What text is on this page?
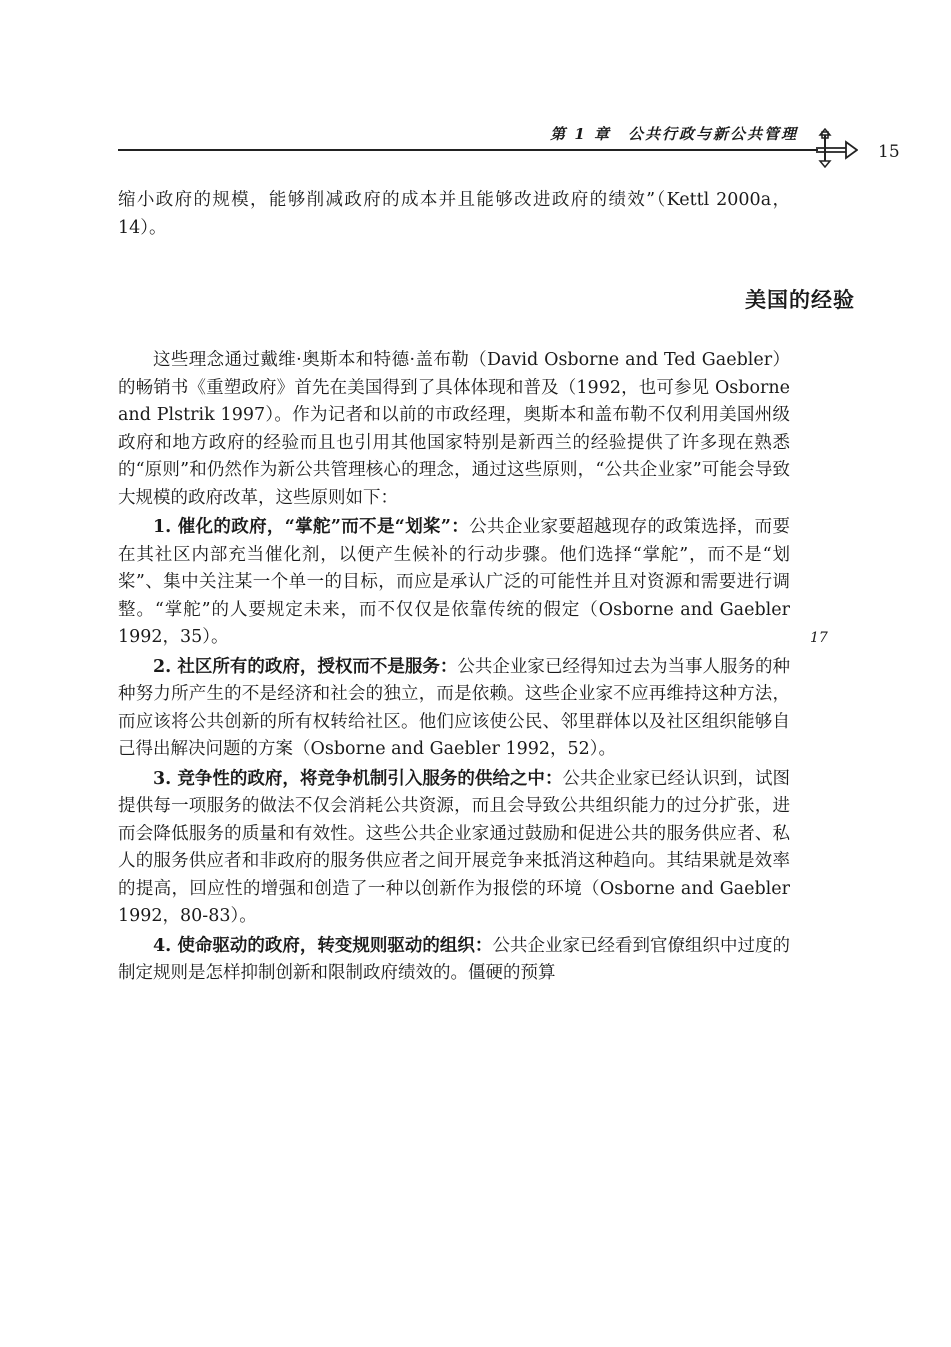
第 1 章　公共行政与新公共管理
15
17
缩小政府的规模，能够削减政府的成本并且能够改进政府的绩效”（Kettl 2000a，14）。
美国的经验

这些理念通过戴维·奥斯本和特德·盖布勒（David Osborne and Ted Gaebler）的畅销书《重塑政府》首先在美国得到了具体体现和普及（1992，也可参见 Osborne and Plstrik 1997）。作为记者和以前的市政经理，奥斯本和盖布勒不仅利用美国州级政府和地方政府的经验而且也引用其他国家特别是新西兰的经验提供了许多现在熟悉的“原则”和仍然作为新公共管理核心的理念，通过这些原则，“公共企业家”可能会导致大规模的政府改革，这些原则如下：

1. 催化的政府，“掌舵”而不是“划桨”：公共企业家要超越现存的政策选择，而要在其社区内部充当催化剂，以便产生候补的行动步骤。他们选择“掌舵”，而不是“划桨”、集中关注某一个单一的目标，而应是承认广泛的可能性并且对资源和需要进行调整。“掌舵”的人要规定未来，而不仅仅是依靠传统的假定（Osborne and Gaebler 1992，35）。

2. 社区所有的政府，授权而不是服务：公共企业家已经得知过去为当事人服务的种种努力所产生的不是经济和社会的独立，而是依赖。这些企业家不应再维持这种方法，而应该将公共创新的所有权转给社区。他们应该使公民、邻里群体以及社区组织能够自己得出解决问题的方案（Osborne and Gaebler 1992，52）。

3. 竞争性的政府，将竞争机制引入服务的供给之中：公共企业家已经认识到，试图提供每一项服务的做法不仅会消耗公共资源，而且会导致公共组织能力的过分扩张，进而会降低服务的质量和有效性。这些公共企业家通过鼓励和促进公共的服务供应者、私人的服务供应者和非政府的服务供应者之间开展竞争来抵消这种趋向。其结果就是效率的提高，回应性的增强和创造了一种以创新作为报偿的环境（Osborne and Gaebler 1992，80-83）。

4. 使命驱动的政府，转变规则驱动的组织：公共企业家已经看到官僚组织中过度的制定规则是怎样抑制创新和限制政府绩效的。僵硬的预算
